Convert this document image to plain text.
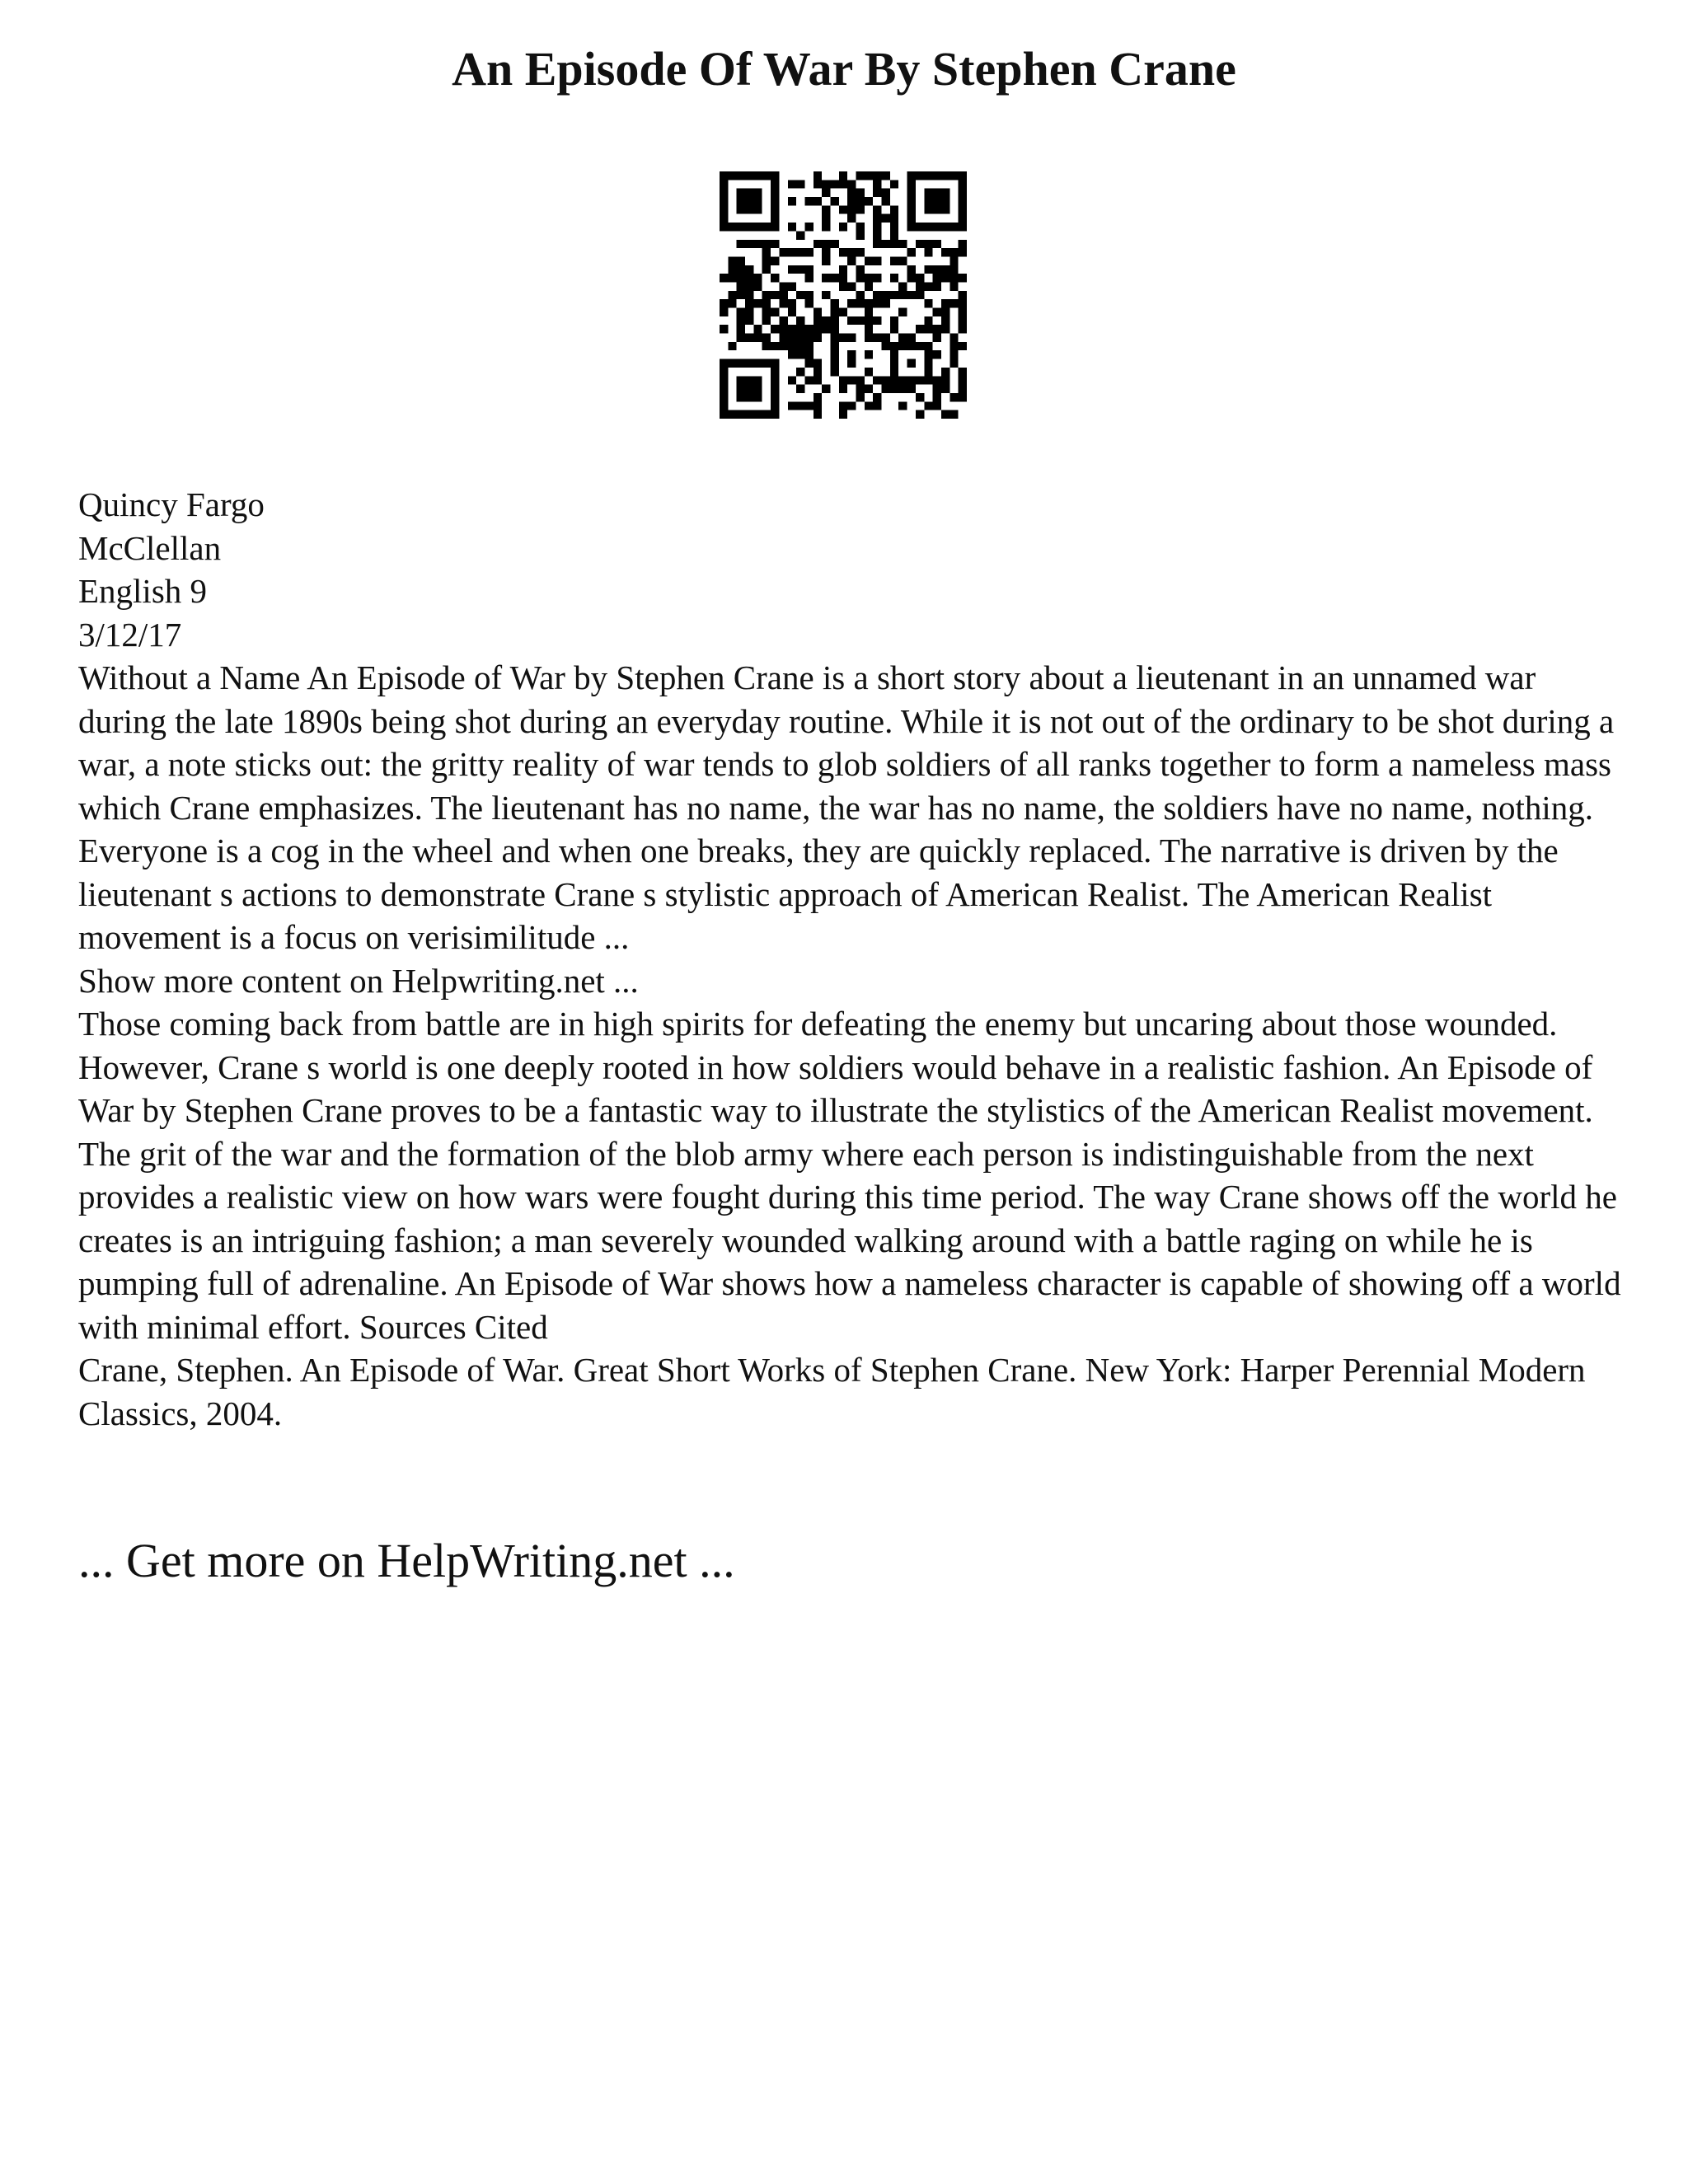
An Episode Of War By Stephen Crane

Quincy Fargo

McClellan

English 9

3/12/17

Without a Name An Episode of War by Stephen Crane is a short story about a lieutenant in an unnamed war during the late 1890s being shot during an everyday routine. While it is not out of the ordinary to be shot during a war, a note sticks out: the gritty reality of war tends to glob soldiers of all ranks together to form a nameless mass which Crane emphasizes. The lieutenant has no name, the war has no name, the soldiers have no name, nothing. Everyone is a cog in the wheel and when one breaks, they are quickly replaced. The narrative is driven by the lieutenant s actions to demonstrate Crane s stylistic approach of American Realist. The American Realist movement is a focus on verisimilitude ...

Show more content on Helpwriting.net ...

Those coming back from battle are in high spirits for defeating the enemy but uncaring about those wounded. However, Crane s world is one deeply rooted in how soldiers would behave in a realistic fashion. An Episode of War by Stephen Crane proves to be a fantastic way to illustrate the stylistics of the American Realist movement. The grit of the war and the formation of the blob army where each person is indistinguishable from the next provides a realistic view on how wars were fought during this time period. The way Crane shows off the world he creates is an intriguing fashion; a man severely wounded walking around with a battle raging on while he is pumping full of adrenaline. An Episode of War shows how a nameless character is capable of showing off a world with minimal effort. Sources Cited

Crane, Stephen. An Episode of War. Great Short Works of Stephen Crane. New York: Harper Perennial Modern Classics, 2004.

... Get more on HelpWriting.net ...
